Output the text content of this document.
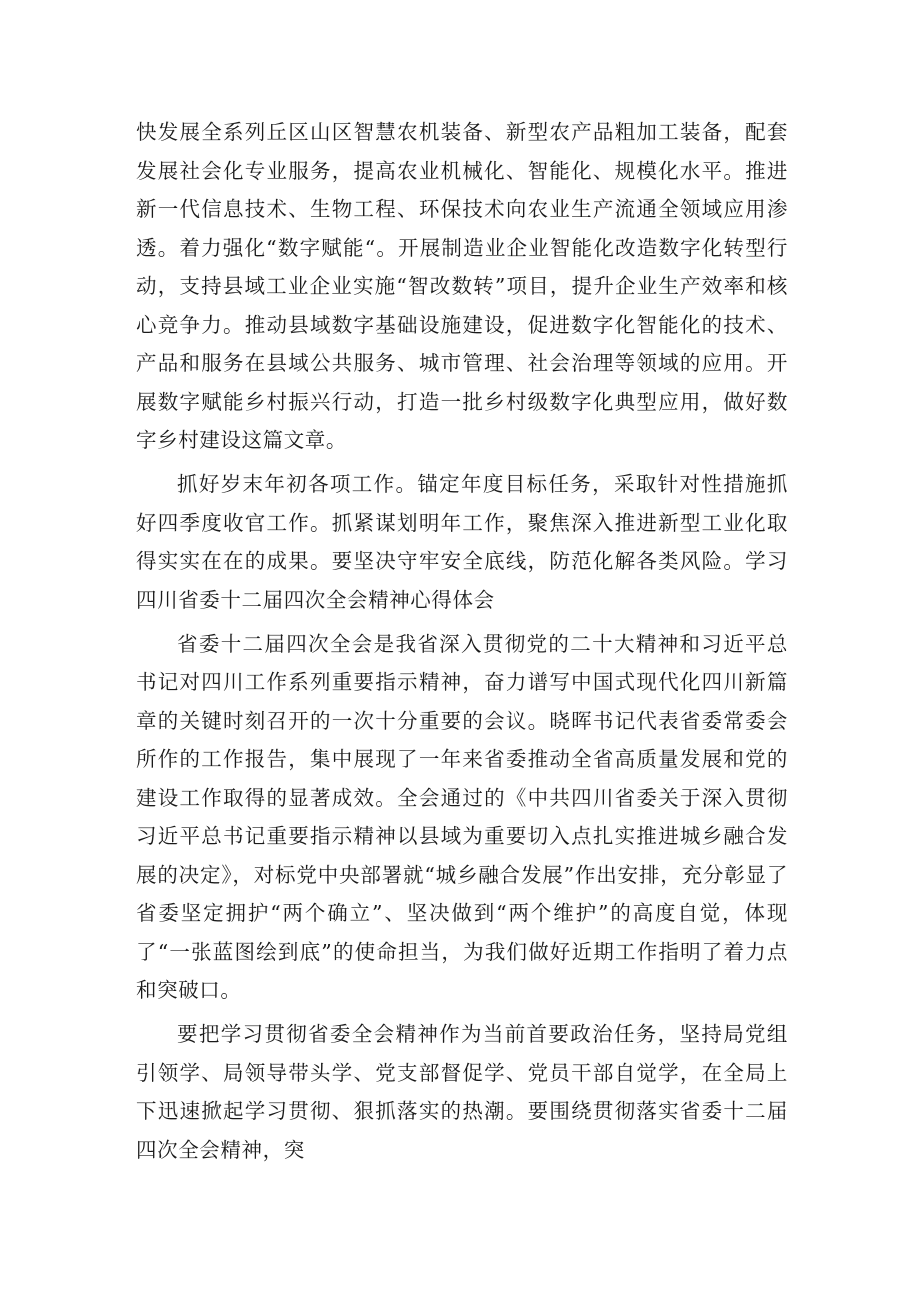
快发展全系列丘区山区智慧农机装备、新型农产品粗加工装备，配套发展社会化专业服务，提高农业机械化、智能化、规模化水平。推进新一代信息技术、生物工程、环保技术向农业生产流通全领域应用渗透。着力强化“数字赋能“。开展制造业企业智能化改造数字化转型行动，支持县域工业企业实施“智改数转”项目，提升企业生产效率和核心竞争力。推动县域数字基础设施建设，促进数字化智能化的技术、产品和服务在县域公共服务、城市管理、社会治理等领域的应用。开展数字赋能乡村振兴行动，打造一批乡村级数字化典型应用，做好数字乡村建设这篇文章。

抓好岁末年初各项工作。锚定年度目标任务，采取针对性措施抓好四季度收官工作。抓紧谋划明年工作，聚焦深入推进新型工业化取得实实在在的成果。要坚决守牢安全底线，防范化解各类风险。学习四川省委十二届四次全会精神心得体会

省委十二届四次全会是我省深入贯彻党的二十大精神和习近平总书记对四川工作系列重要指示精神，奋力谱写中国式现代化四川新篇章的关键时刻召开的一次十分重要的会议。晓晖书记代表省委常委会所作的工作报告，集中展现了一年来省委推动全省高质量发展和党的建设工作取得的显著成效。全会通过的《中共四川省委关于深入贯彻习近平总书记重要指示精神以县域为重要切入点扎实推进城乡融合发展的决定》，对标党中央部署就“城乡融合发展”作出安排，充分彰显了省委坚定拥护“两个确立”、坚决做到“两个维护”的高度自觉，体现了“一张蓝图绘到底”的使命担当，为我们做好近期工作指明了着力点和突破口。

要把学习贯彻省委全会精神作为当前首要政治任务，坚持局党组引领学、局领导带头学、党支部督促学、党员干部自觉学，在全局上下迅速掀起学习贯彻、狠抓落实的热潮。要围绕贯彻落实省委十二届四次全会精神，突
